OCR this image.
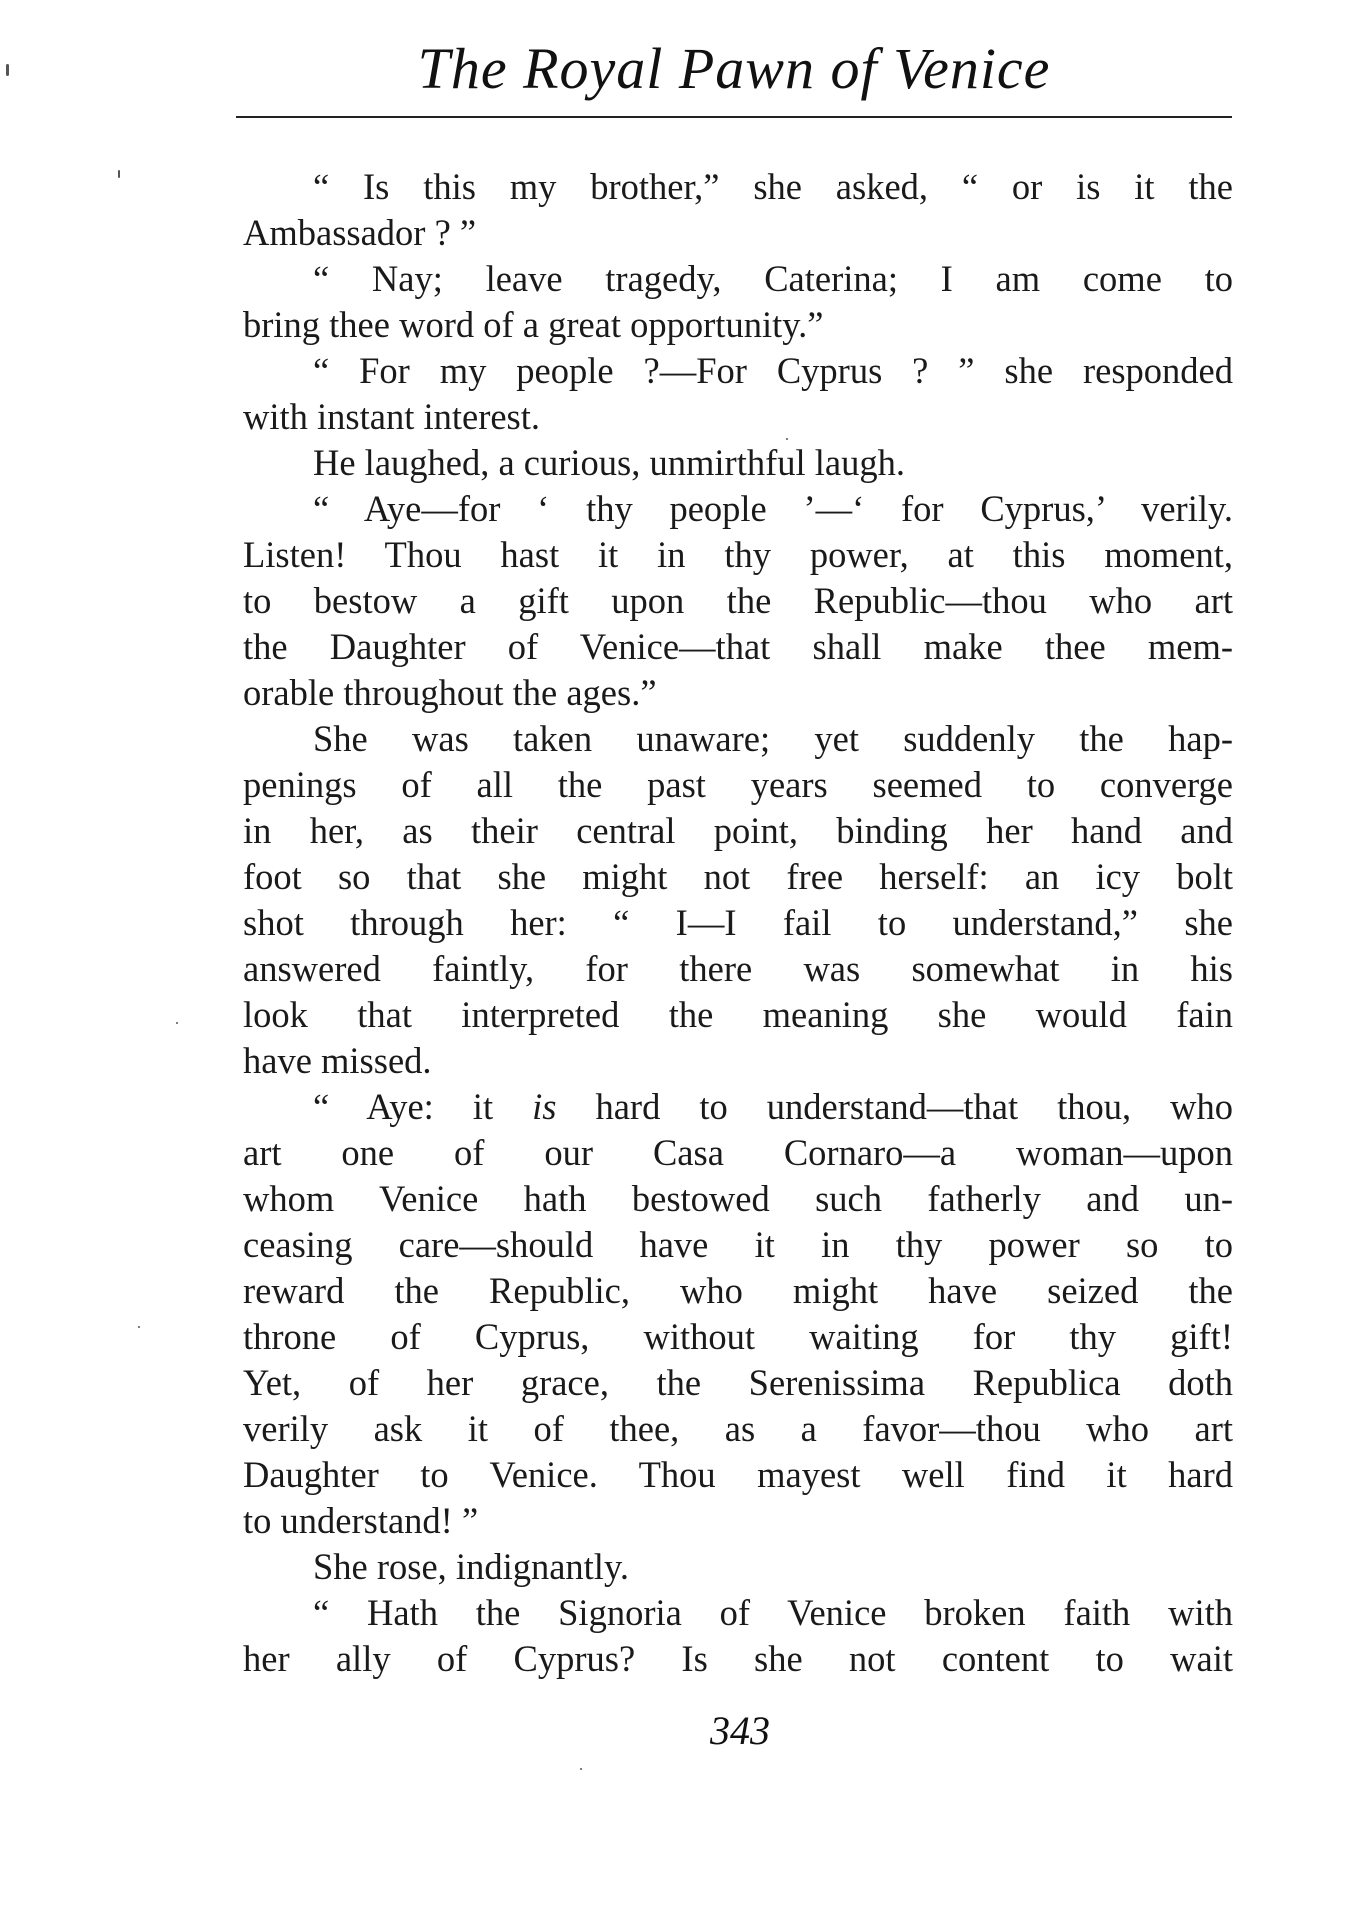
The Royal Pawn of Venice
“ Is this my brother,” she asked, “ or is it the
Ambassador ? ”
“ Nay; leave tragedy, Caterina; I am come to
bring thee word of a great opportunity.”
“ For my people ?—For Cyprus ? ” she responded
with instant interest.
He laughed, a curious, unmirthful laugh.
“ Aye—for ‘ thy people ’—‘ for Cyprus,’ verily.
Listen! Thou hast it in thy power, at this moment,
to bestow a gift upon the Republic—thou who art
the Daughter of Venice—that shall make thee mem-
orable throughout the ages.”
She was taken unaware; yet suddenly the hap-
penings of all the past years seemed to converge
in her, as their central point, binding her hand and
foot so that she might not free herself: an icy bolt
shot through her: “ I—I fail to understand,” she
answered faintly, for there was somewhat in his
look that interpreted the meaning she would fain
have missed.
“ Aye: it is hard to understand—that thou, who
art one of our Casa Cornaro—a woman—upon
whom Venice hath bestowed such fatherly and un-
ceasing care—should have it in thy power so to
reward the Republic, who might have seized the
throne of Cyprus, without waiting for thy gift!
Yet, of her grace, the Serenissima Republica doth
verily ask it of thee, as a favor—thou who art
Daughter to Venice. Thou mayest well find it hard
to understand! ”
She rose, indignantly.
“ Hath the Signoria of Venice broken faith with
her ally of Cyprus? Is she not content to wait
343
